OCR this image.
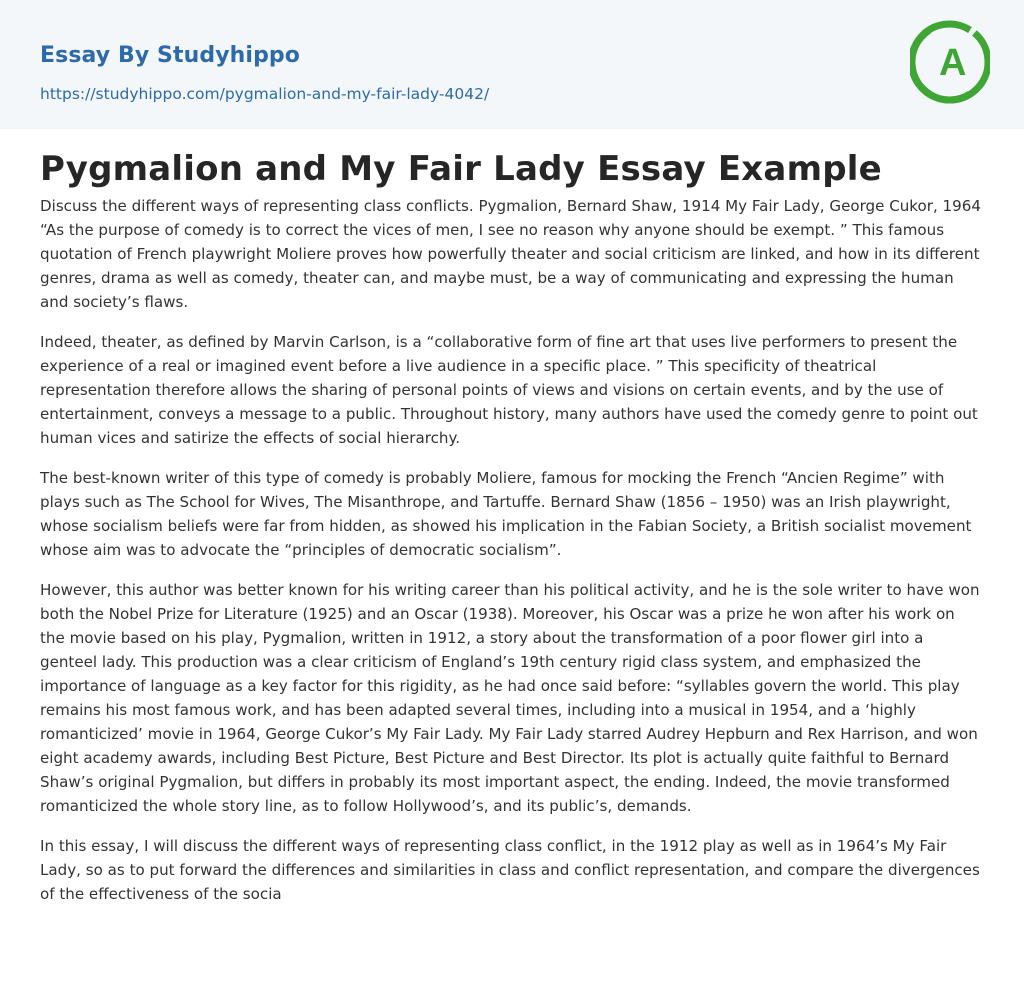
Essay By Studyhippo
https://studyhippo.com/pygmalion-and-my-fair-lady-4042/
A
Pygmalion and My Fair Lady Essay Example

Discuss the different ways of representing class conflicts. Pygmalion, Bernard Shaw, 1914 My Fair Lady, George Cukor, 1964 “As the purpose of comedy is to correct the vices of men, I see no reason why anyone should be exempt. ” This famous quotation of French playwright Moliere proves how powerfully theater and social criticism are linked, and how in its different genres, drama as well as comedy, theater can, and maybe must, be a way of communicating and expressing the human and society’s flaws.

Indeed, theater, as defined by Marvin Carlson, is a “collaborative form of fine art that uses live performers to present the experience of a real or imagined event before a live audience in a specific place. ” This specificity of theatrical representation therefore allows the sharing of personal points of views and visions on certain events, and by the use of entertainment, conveys a message to a public. Throughout history, many authors have used the comedy genre to point out human vices and satirize the effects of social hierarchy.

The best-known writer of this type of comedy is probably Moliere, famous for mocking the French “Ancien Regime” with plays such as The School for Wives, The Misanthrope, and Tartuffe. Bernard Shaw (1856 – 1950) was an Irish playwright, whose socialism beliefs were far from hidden, as showed his implication in the Fabian Society, a British socialist movement whose aim was to advocate the “principles of democratic socialism”.

However, this author was better known for his writing career than his political activity, and he is the sole writer to have won both the Nobel Prize for Literature (1925) and an Oscar (1938). Moreover, his Oscar was a prize he won after his work on the movie based on his play, Pygmalion, written in 1912, a story about the transformation of a poor flower girl into a genteel lady. This production was a clear criticism of England’s 19th century rigid class system, and emphasized the importance of language as a key factor for this rigidity, as he had once said before: “syllables govern the world. This play remains his most famous work, and has been adapted several times, including into a musical in 1954, and a ‘highly romanticized’ movie in 1964, George Cukor’s My Fair Lady. My Fair Lady starred Audrey Hepburn and Rex Harrison, and won eight academy awards, including Best Picture, Best Picture and Best Director. Its plot is actually quite faithful to Bernard Shaw’s original Pygmalion, but differs in probably its most important aspect, the ending. Indeed, the movie transformed romanticized the whole story line, as to follow Hollywood’s, and its public’s, demands.

In this essay, I will discuss the different ways of representing class conflict, in the 1912 play as well as in 1964’s My Fair Lady, so as to put forward the differences and similarities in class and conflict representation, and compare the divergences of the effectiveness of the socia
